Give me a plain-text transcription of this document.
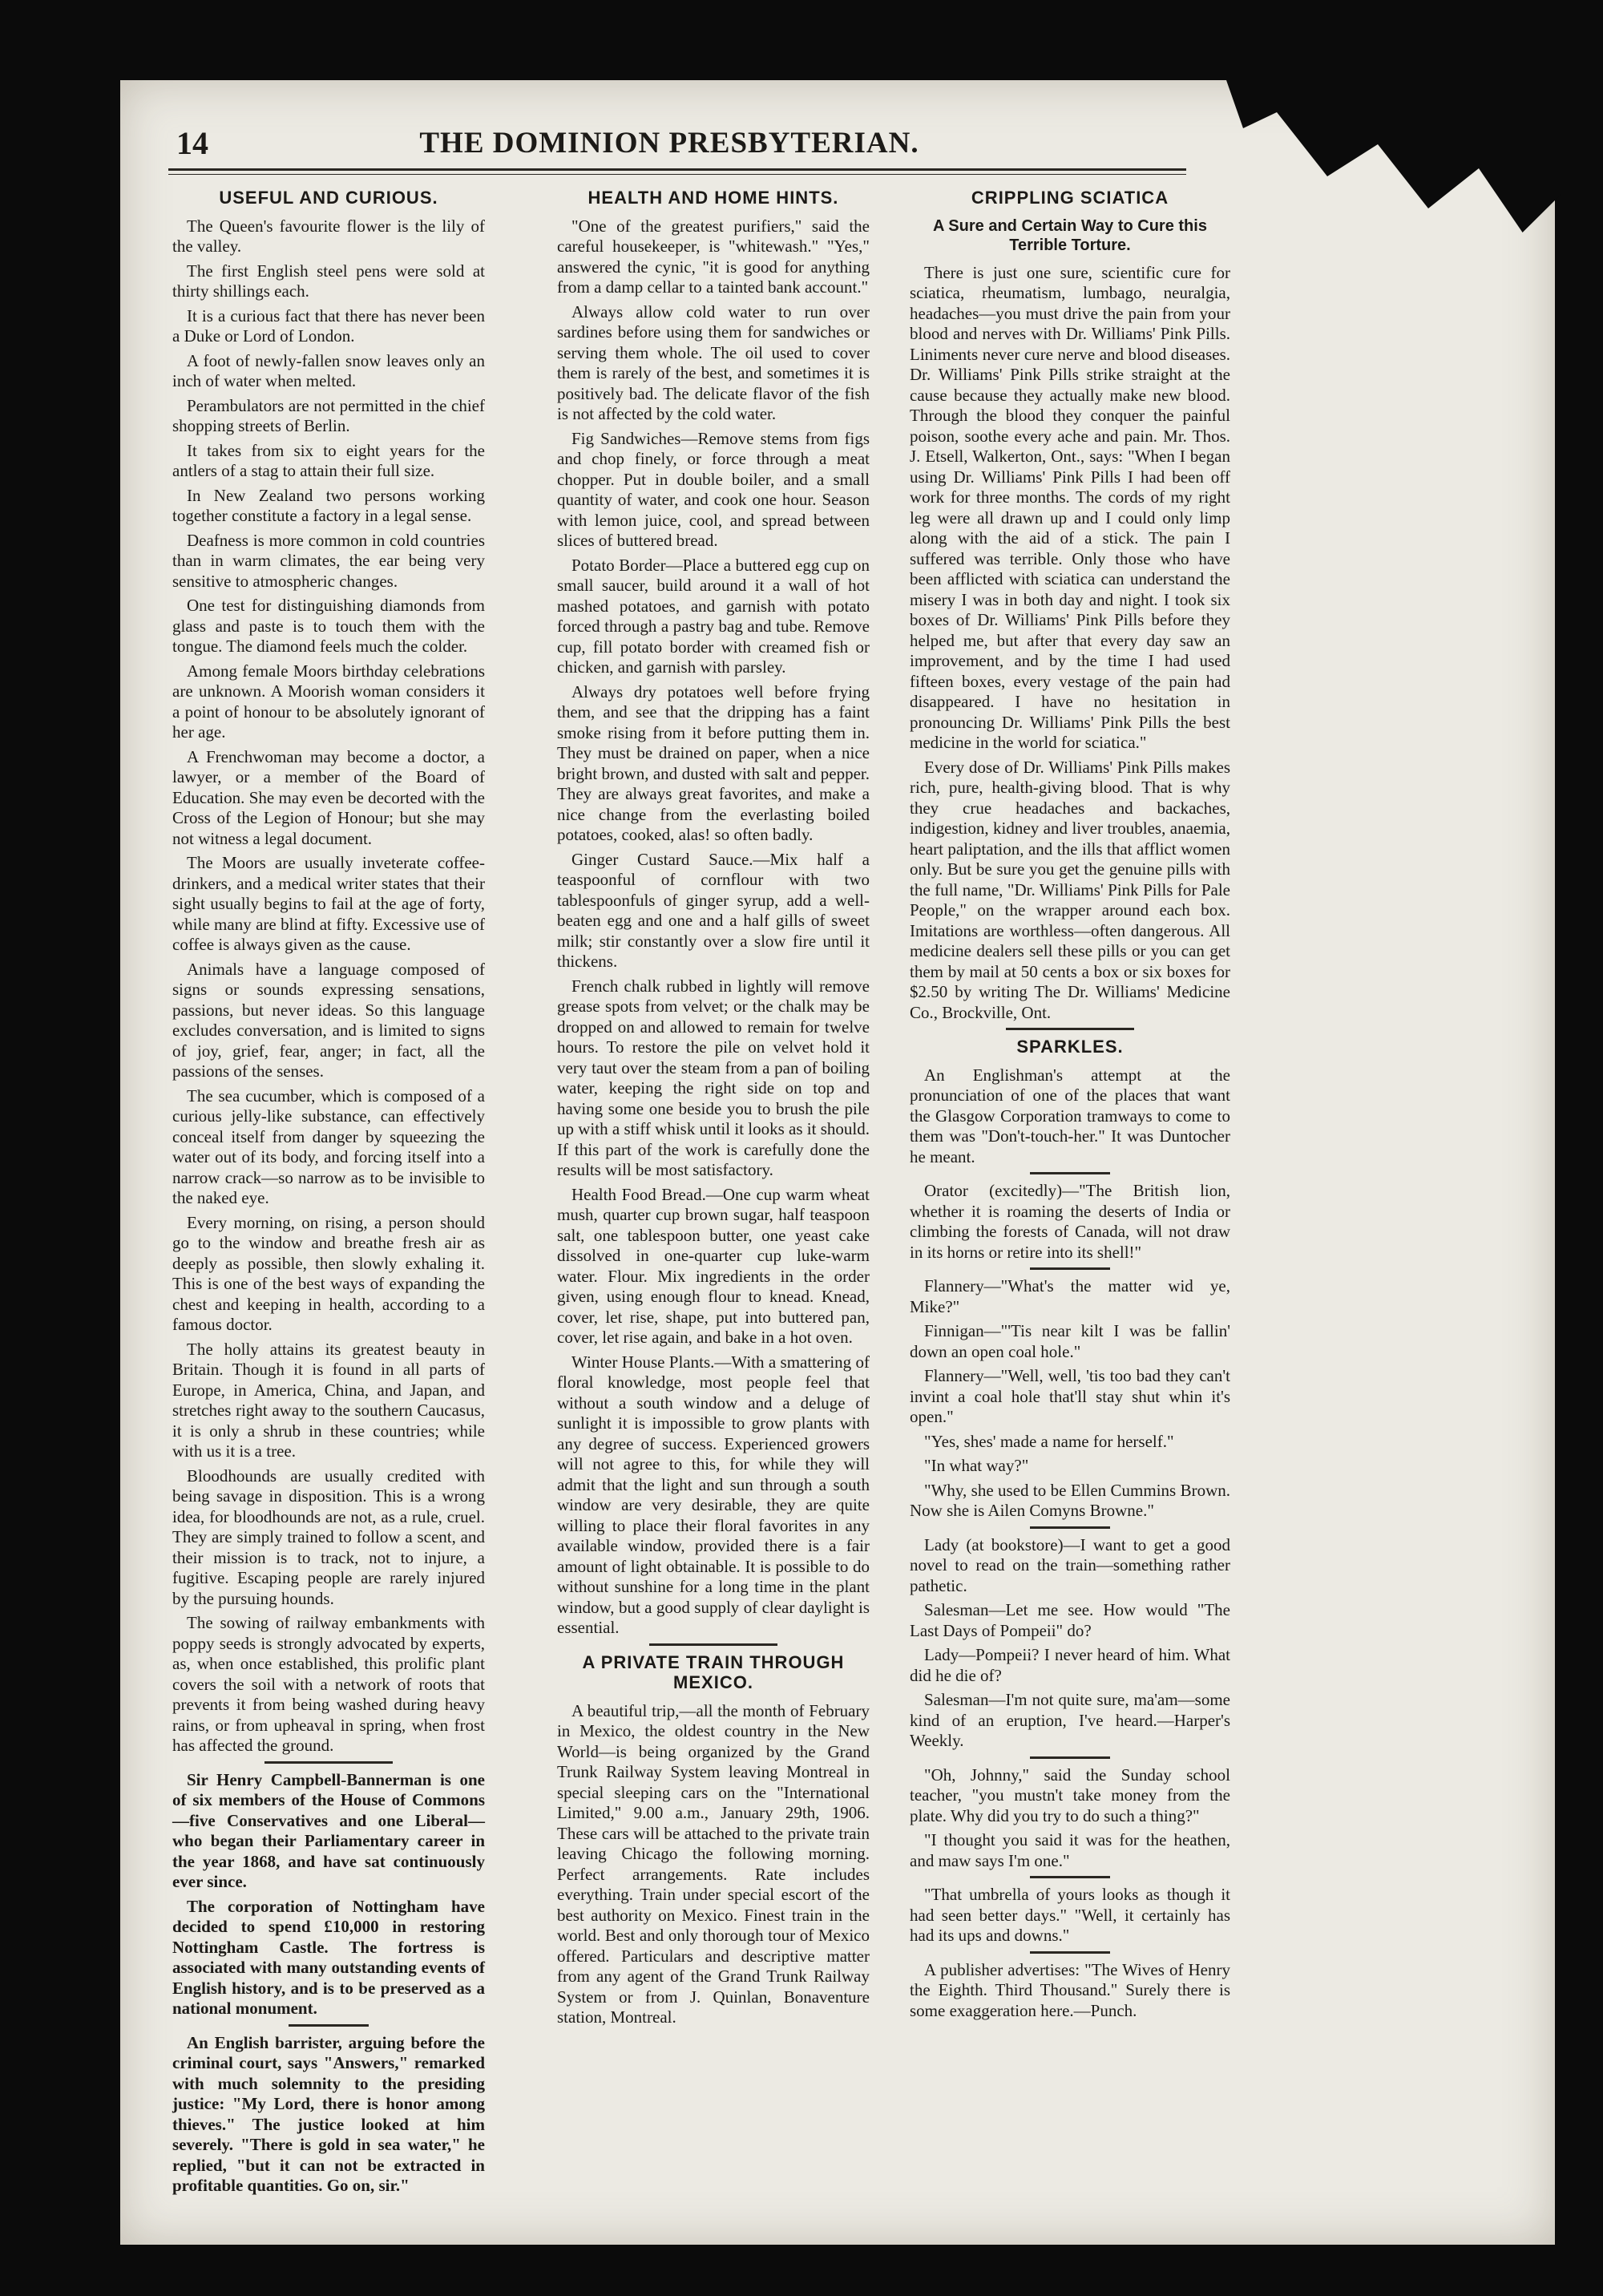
14	THE DOMINION PRESBYTERIAN.
USEFUL AND CURIOUS.

The Queen's favourite flower is the lily of the valley.

The first English steel pens were sold at thirty shillings each.

It is a curious fact that there has never been a Duke or Lord of London.

A foot of newly-fallen snow leaves only an inch of water when melted.

Perambulators are not permitted in the chief shopping streets of Berlin.

It takes from six to eight years for the antlers of a stag to attain their full size.

In New Zealand two persons working together constitute a factory in a legal sense.

Deafness is more common in cold countries than in warm climates, the ear being very sensitive to atmospheric changes.

One test for distinguishing diamonds from glass and paste is to touch them with the tongue. The diamond feels much the colder.

Among female Moors birthday celebrations are unknown. A Moorish woman considers it a point of honour to be absolutely ignorant of her age.

A Frenchwoman may become a doctor, a lawyer, or a member of the Board of Education. She may even be decorted with the Cross of the Legion of Honour; but she may not witness a legal document.

The Moors are usually inveterate coffee-drinkers, and a medical writer states that their sight usually begins to fail at the age of forty, while many are blind at fifty. Excessive use of coffee is always given as the cause.

Animals have a language composed of signs or sounds expressing sensations, passions, but never ideas. So this language excludes conversation, and is limited to signs of joy, grief, fear, anger; in fact, all the passions of the senses.

The sea cucumber, which is composed of a curious jelly-like substance, can effectively conceal itself from danger by squeezing the water out of its body, and forcing itself into a narrow crack—so narrow as to be invisible to the naked eye.

Every morning, on rising, a person should go to the window and breathe fresh air as deeply as possible, then slowly exhaling it. This is one of the best ways of expanding the chest and keeping in health, according to a famous doctor.

The holly attains its greatest beauty in Britain. Though it is found in all parts of Europe, in America, China, and Japan, and stretches right away to the southern Caucasus, it is only a shrub in these countries; while with us it is a tree.

Bloodhounds are usually credited with being savage in disposition. This is a wrong idea, for bloodhounds are not, as a rule, cruel. They are simply trained to follow a scent, and their mission is to track, not to injure, a fugitive. Escaping people are rarely injured by the pursuing hounds.

The sowing of railway embankments with poppy seeds is strongly advocated by experts, as, when once established, this prolific plant covers the soil with a network of roots that prevents it from being washed during heavy rains, or from upheaval in spring, when frost has affected the ground.

Sir Henry Campbell-Bannerman is one of six members of the House of Commons—five Conservatives and one Liberal—who began their Parliamentary career in the year 1868, and have sat continuously ever since.

The corporation of Nottingham have decided to spend £10,000 in restoring Nottingham Castle. The fortress is associated with many outstanding events of English history, and is to be preserved as a national monument.

An English barrister, arguing before the criminal court, says "Answers," remarked with much solemnity to the presiding justice: "My Lord, there is honor among thieves." The justice looked at him severely. "There is gold in sea water," he replied, "but it can not be extracted in profitable quantities. Go on, sir."

HEALTH AND HOME HINTS.

"One of the greatest purifiers," said the careful housekeeper, is "whitewash." "Yes," answered the cynic, "it is good for anything from a damp cellar to a tainted bank account."

Always allow cold water to run over sardines before using them for sandwiches or serving them whole. The oil used to cover them is rarely of the best, and sometimes it is positively bad. The delicate flavor of the fish is not affected by the cold water.

Fig Sandwiches—Remove stems from figs and chop finely, or force through a meat chopper. Put in double boiler, and a small quantity of water, and cook one hour. Season with lemon juice, cool, and spread between slices of buttered bread.

Potato Border—Place a buttered egg cup on small saucer, build around it a wall of hot mashed potatoes, and garnish with potato forced through a pastry bag and tube. Remove cup, fill potato border with creamed fish or chicken, and garnish with parsley.

Always dry potatoes well before frying them, and see that the dripping has a faint smoke rising from it before putting them in. They must be drained on paper, when a nice bright brown, and dusted with salt and pepper. They are always great favorites, and make a nice change from the everlasting boiled potatoes, cooked, alas! so often badly.

Ginger Custard Sauce.—Mix half a teaspoonful of cornflour with two tablespoonfuls of ginger syrup, add a well-beaten egg and one and a half gills of sweet milk; stir constantly over a slow fire until it thickens.

French chalk rubbed in lightly will remove grease spots from velvet; or the chalk may be dropped on and allowed to remain for twelve hours. To restore the pile on velvet hold it very taut over the steam from a pan of boiling water, keeping the right side on top and having some one beside you to brush the pile up with a stiff whisk until it looks as it should. If this part of the work is carefully done the results will be most satisfactory.

Health Food Bread.—One cup warm wheat mush, quarter cup brown sugar, half teaspoon salt, one tablespoon butter, one yeast cake dissolved in one-quarter cup luke-warm water. Flour. Mix ingredients in the order given, using enough flour to knead. Knead, cover, let rise, shape, put into buttered pan, cover, let rise again, and bake in a hot oven.

Winter House Plants.—With a smattering of floral knowledge, most people feel that without a south window and a deluge of sunlight it is impossible to grow plants with any degree of success. Experienced growers will not agree to this, for while they will admit that the light and sun through a south window are very desirable, they are quite willing to place their floral favorites in any available window, provided there is a fair amount of light obtainable. It is possible to do without sunshine for a long time in the plant window, but a good supply of clear daylight is essential.

A PRIVATE TRAIN THROUGH MEXICO.

A beautiful trip,—all the month of February in Mexico, the oldest country in the New World—is being organized by the Grand Trunk Railway System leaving Montreal in special sleeping cars on the "International Limited," 9.00 a.m., January 29th, 1906. These cars will be attached to the private train leaving Chicago the following morning. Perfect arrangements. Rate includes everything. Train under special escort of the best authority on Mexico. Finest train in the world. Best and only thorough tour of Mexico offered. Particulars and descriptive matter from any agent of the Grand Trunk Railway System or from J. Quinlan, Bonaventure station, Montreal.

CRIPPLING SCIATICA
A Sure and Certain Way to Cure this Terrible Torture.

There is just one sure, scientific cure for sciatica, rheumatism, lumbago, neuralgia, headaches—you must drive the pain from your blood and nerves with Dr. Williams' Pink Pills. Liniments never cure nerve and blood diseases. Dr. Williams' Pink Pills strike straight at the cause because they actually make new blood. Through the blood they conquer the painful poison, soothe every ache and pain. Mr. Thos. J. Etsell, Walkerton, Ont., says: "When I began using Dr. Williams' Pink Pills I had been off work for three months. The cords of my right leg were all drawn up and I could only limp along with the aid of a stick. The pain I suffered was terrible. Only those who have been afflicted with sciatica can understand the misery I was in both day and night. I took six boxes of Dr. Williams' Pink Pills before they helped me, but after that every day saw an improvement, and by the time I had used fifteen boxes, every vestage of the pain had disappeared. I have no hesitation in pronouncing Dr. Williams' Pink Pills the best medicine in the world for sciatica."

Every dose of Dr. Williams' Pink Pills makes rich, pure, health-giving blood. That is why they crue headaches and backaches, indigestion, kidney and liver troubles, anaemia, heart paliptation, and the ills that afflict women only. But be sure you get the genuine pills with the full name, "Dr. Williams' Pink Pills for Pale People," on the wrapper around each box. Imitations are worthless—often dangerous. All medicine dealers sell these pills or you can get them by mail at 50 cents a box or six boxes for $2.50 by writing The Dr. Williams' Medicine Co., Brockville, Ont.

SPARKLES.

An Englishman's attempt at the pronunciation of one of the places that want the Glasgow Corporation tramways to come to them was "Don't-touch-her." It was Duntocher he meant.

Orator (excitedly)—"The British lion, whether it is roaming the deserts of India or climbing the forests of Canada, will not draw in its horns or retire into its shell!"

Flannery—"What's the matter wid ye, Mike?"

Finnigan—"'Tis near kilt I was be fallin' down an open coal hole."

Flannery—"Well, well, 'tis too bad they can't invint a coal hole that'll stay shut whin it's open."

"Yes, shes' made a name for herself."

"In what way?"

"Why, she used to be Ellen Cummins Brown. Now she is Ailen Comyns Browne."

Lady (at bookstore)—I want to get a good novel to read on the train—something rather pathetic.

Salesman—Let me see. How would "The Last Days of Pompeii" do?

Lady—Pompeii? I never heard of him. What did he die of?

Salesman—I'm not quite sure, ma'am—some kind of an eruption, I've heard.—Harper's Weekly.

"Oh, Johnny," said the Sunday school teacher, "you mustn't take money from the plate. Why did you try to do such a thing?"

"I thought you said it was for the heathen, and maw says I'm one."

"That umbrella of yours looks as though it had seen better days." "Well, it certainly has had its ups and downs."

A publisher advertises: "The Wives of Henry the Eighth. Third Thousand." Surely there is some exaggeration here.—Punch.
